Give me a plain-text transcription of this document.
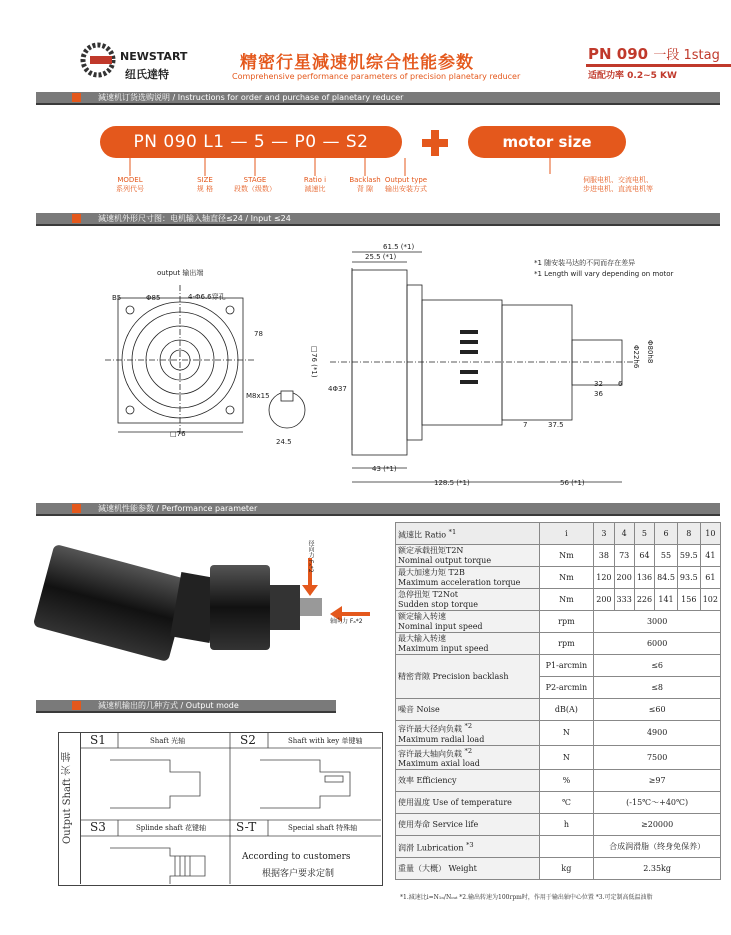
NEWSTART
纽氏達特
精密行星減速机综合性能参数
Comprehensive performance parameters of precision planetary reducer
PN 090 一段 1stag
适配功率 0.2~5 KW
減速机订货选购说明 / Instructions for order and purchase of planetary reducer
PN 090 L1 — 5 — P0 — S2	motor size
MODEL
系列代号
SIZE
规 格
STAGE
段数（级数）
Ratio i
減速比
Backlash
背 隙
Output type
输出安装方式
伺服电机、交流电机、
步进电机、直流电机等
減速机外形尺寸图：电机输入轴直径≤24 / Input ≤24
output 输出端
*1 随安装马达的不同而存在差异
*1 Length will vary depending on motor
B5	Φ85	4-Φ6.6穿孔
□76
M8x15
24.5
61.5 (*1)
25.5 (*1)
43 (*1)
128.5 (*1)	56 (*1)
□76 (*1)
4Φ37
7	37.5
32
36
Φ22h6 Φ80h8
6
78
減速机性能参数 / Performance parameter
径向力 Fₐ*2
轴向力 Fₐ*2
減速比 Ratio $^{*1}$	i	3	4	5	6	8	10

额定承载扭矩T2N
Nominal output torque	Nm	38	73	64	55	59.5	41

最大加速力矩 T2B
Maximum acceleration torque	Nm	120	200	136	84.5	93.5	61

急停扭矩 T2Not
Sudden stop torque	Nm	200	333	226	141	156	102

额定输入转速
Nominal input speed	rpm	3000					

最大输入转速
Maximum input speed	rpm	6000					
精密背隙 Precision backlash	P1-arcmin	≤6					
	P2-arcmin	≤8					
噪音 Noise	dB(A)	≤60					

容许最大径向负载 $^{*2}$
Maximum radial load	N	4900					

容许最大轴向负载 $^{*2}$
Maximum axial load	N	7500					
效率 Efficiency	%	≥97					
使用温度 Use of temperature	℃	(-15℃～+40℃)					
使用寿命 Service life	h	≥20000					
润滑 Lubrication $^{*3}$		合成润滑脂（终身免保养）					
重量（大概） Weight	kg	2.35kg					
*1.減速比i=N₁ₙ/Nₒᵤₜ *2.输出转速为100rpm时，作用于输出轴中心位置 *3.可定制高低温油脂
減速机输出的几种方式 / Output mode
Output Shaft 实 轴
S1	Shaft 光轴	S2	Shaft with key 单键轴
S3	Splinde shaft 花键轴 S-T	Special shaft 特殊轴
According to customers
根据客户要求定制
